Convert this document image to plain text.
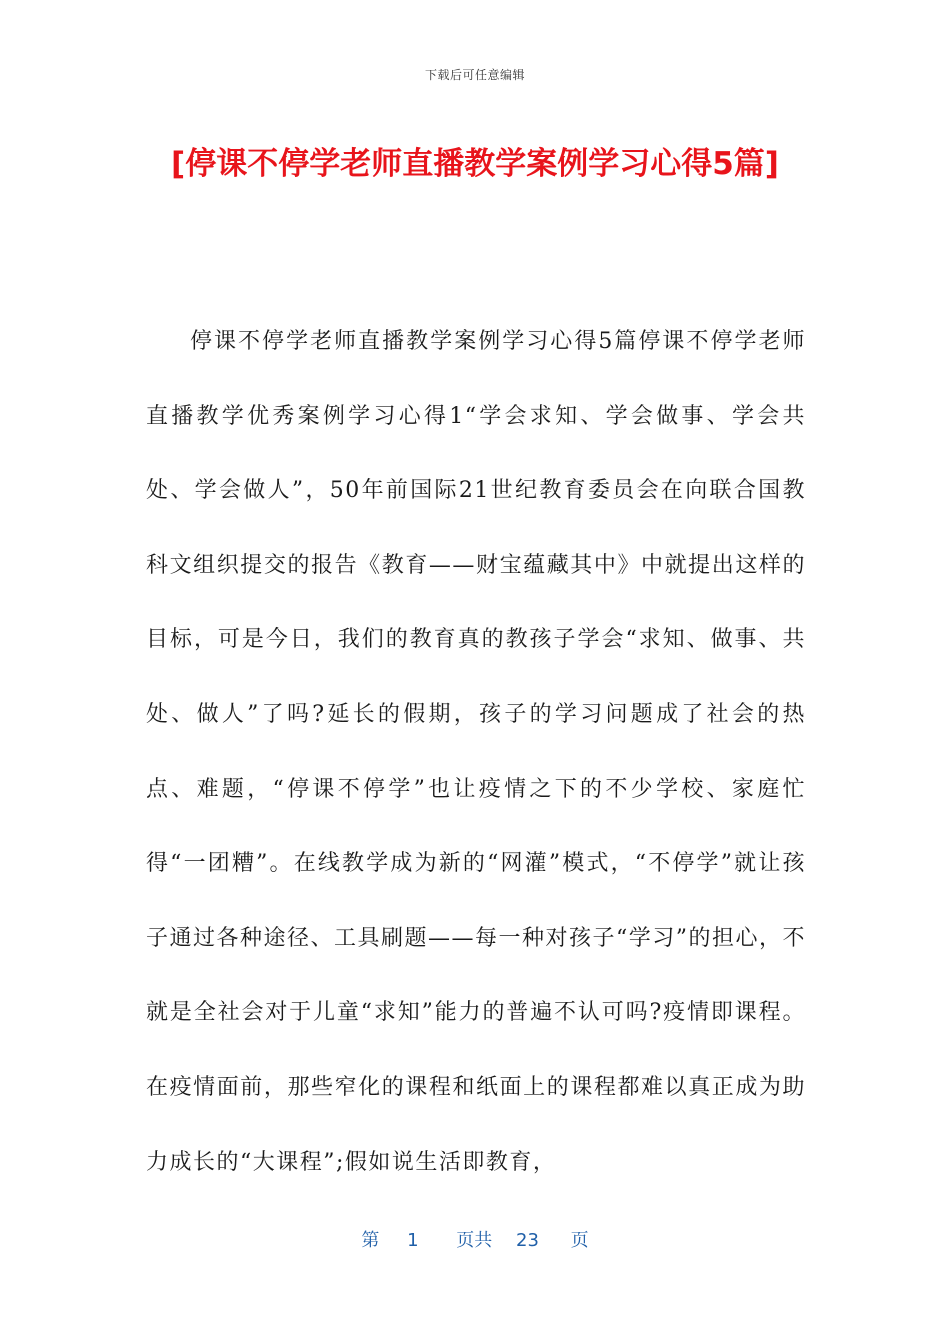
下载后可任意编辑
[停课不停学老师直播教学案例学习心得5篇]

停课不停学老师直播教学案例学习心得5篇停课不停学老师直播教学优秀案例学习心得1“学会求知、学会做事、学会共处、学会做人”，50年前国际21世纪教育委员会在向联合国教科文组织提交的报告《教育——财宝蕴藏其中》中就提出这样的目标，可是今日，我们的教育真的教孩子学会“求知、做事、共处、做人”了吗?延长的假期，孩子的学习问题成了社会的热点、难题，“停课不停学”也让疫情之下的不少学校、家庭忙得“一团糟”。在线教学成为新的“网灌”模式，“不停学”就让孩子通过各种途径、工具刷题——每一种对孩子“学习”的担心，不就是全社会对于儿童“求知”能力的普遍不认可吗?疫情即课程。在疫情面前，那些窄化的课程和纸面上的课程都难以真正成为助力成长的“大课程”;假如说生活即教育，

第 1 页共 23 页
